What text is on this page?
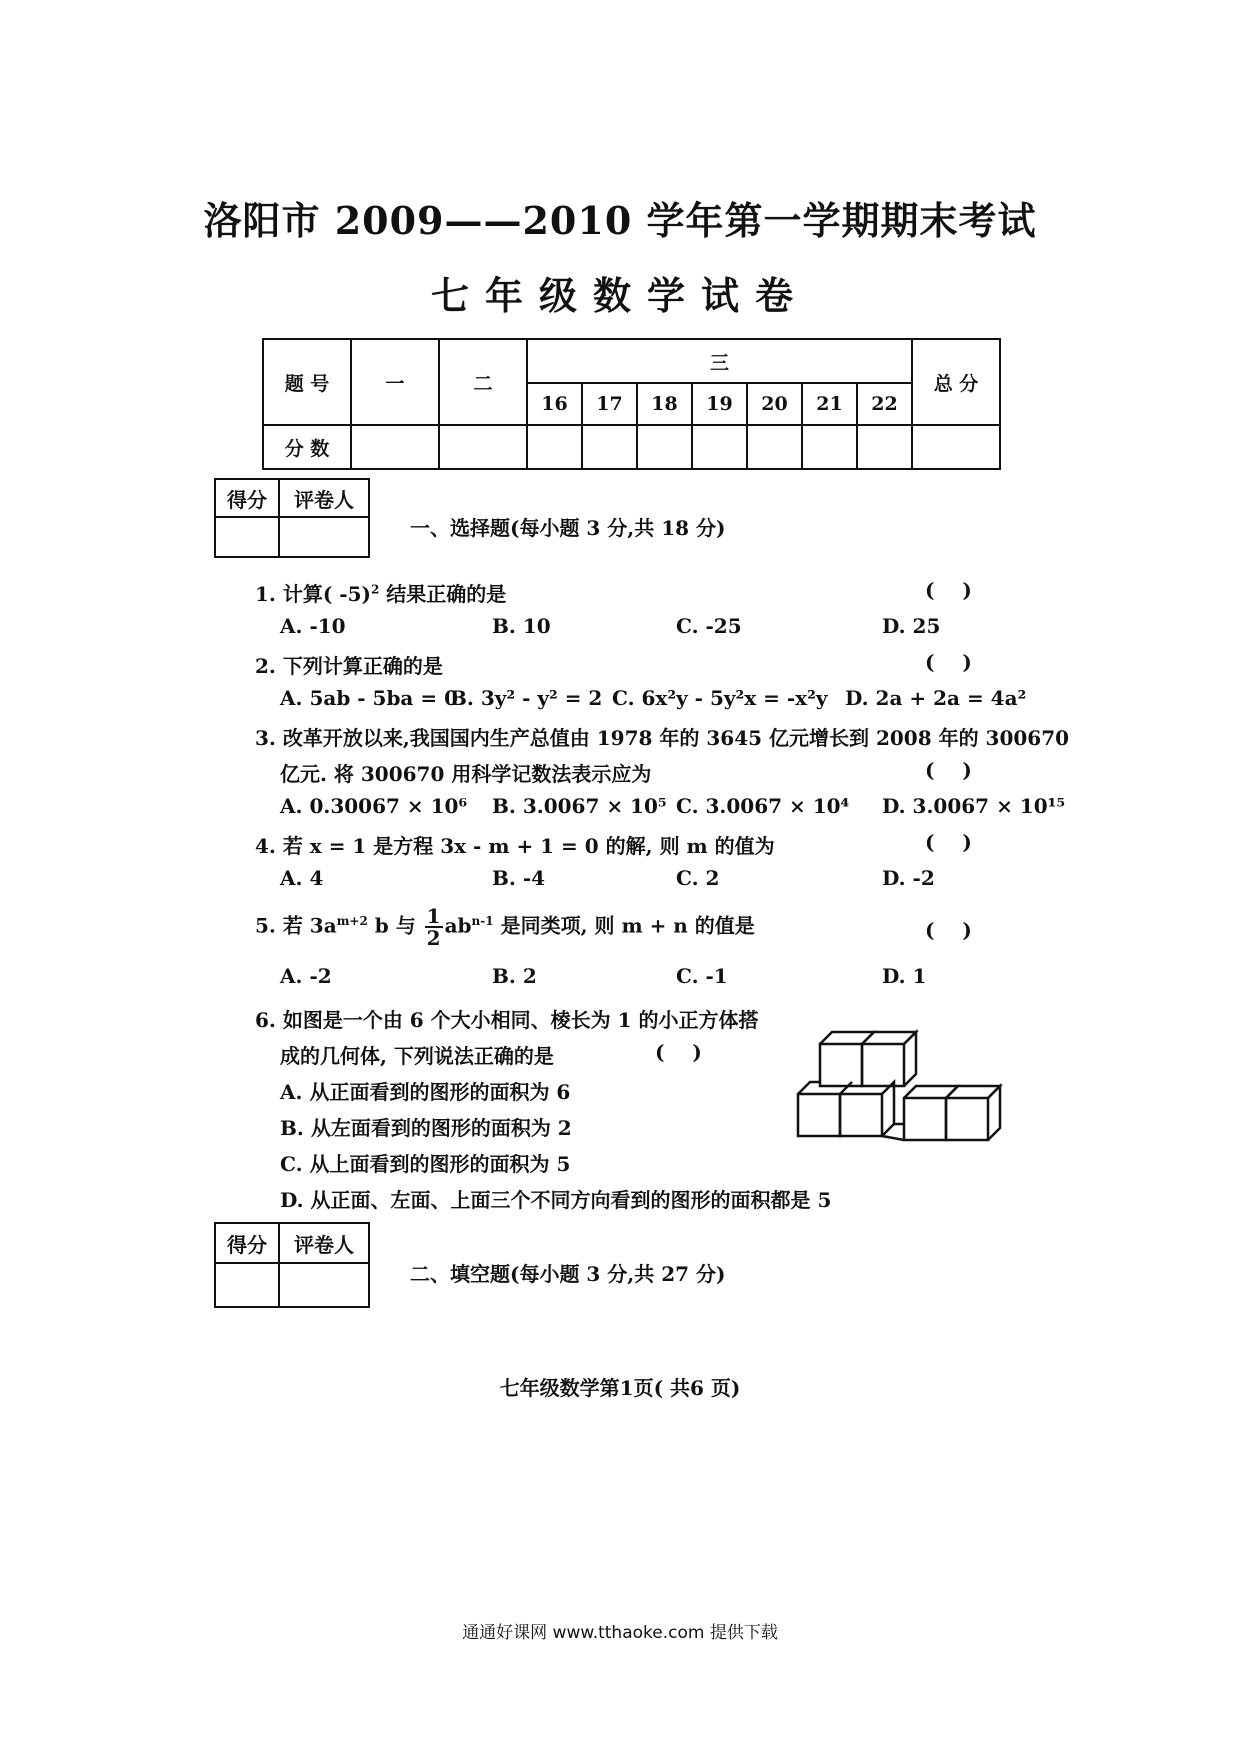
洛阳市 2009——2010 学年第一学期期末考试
七年级数学试卷
题 号	一	二	三							总 分
			16	17	18	19	20	21	22	
分 数										
得分	评卷人

一、选择题(每小题 3 分,共 18 分)
1. 计算( -5)$^2$ 结果正确的是	(    )
A. -10	B. 10	C. -25	D. 25
2. 下列计算正确的是	(    )
A. 5ab - 5ba = 0
B. 3y² - y² = 2 C. 6x²y - 5y²x = -x²y D. 2a + 2a = 4a²
3. 改革开放以来,我国国内生产总值由 1978 年的 3645 亿元增长到 2008 年的 300670
亿元. 将 300670 用科学记数法表示应为	(    )
A. 0.30067 × 10⁶ B. 3.0067 × 10⁵ C. 3.0067 × 10⁴ D. 3.0067 × 10¹⁵
4. 若 x = 1 是方程 3x - m + 1 = 0 的解, 则 m 的值为	(    )
A. 4	B. -4	C. 2	D. -2
5. 若 $3a^{m+2}$ b 与 $\frac{1}{2} ab^{n-1}$ 是同类项, 则 m + n 的值是	(    )
A. -2	B. 2	C. -1	D. 1
6. 如图是一个由 6 个大小相同、棱长为 1 的小正方体搭
成的几何体, 下列说法正确的是	(    )
A. 从正面看到的图形的面积为 6
B. 从左面看到的图形的面积为 2
C. 从上面看到的图形的面积为 5
D. 从正面、左面、上面三个不同方向看到的图形的面积都是 5
得分	评卷人

二、填空题(每小题 3 分,共 27 分)
七年级数学第1页( 共6 页)
通通好课网 www.tthaoke.com 提供下载
